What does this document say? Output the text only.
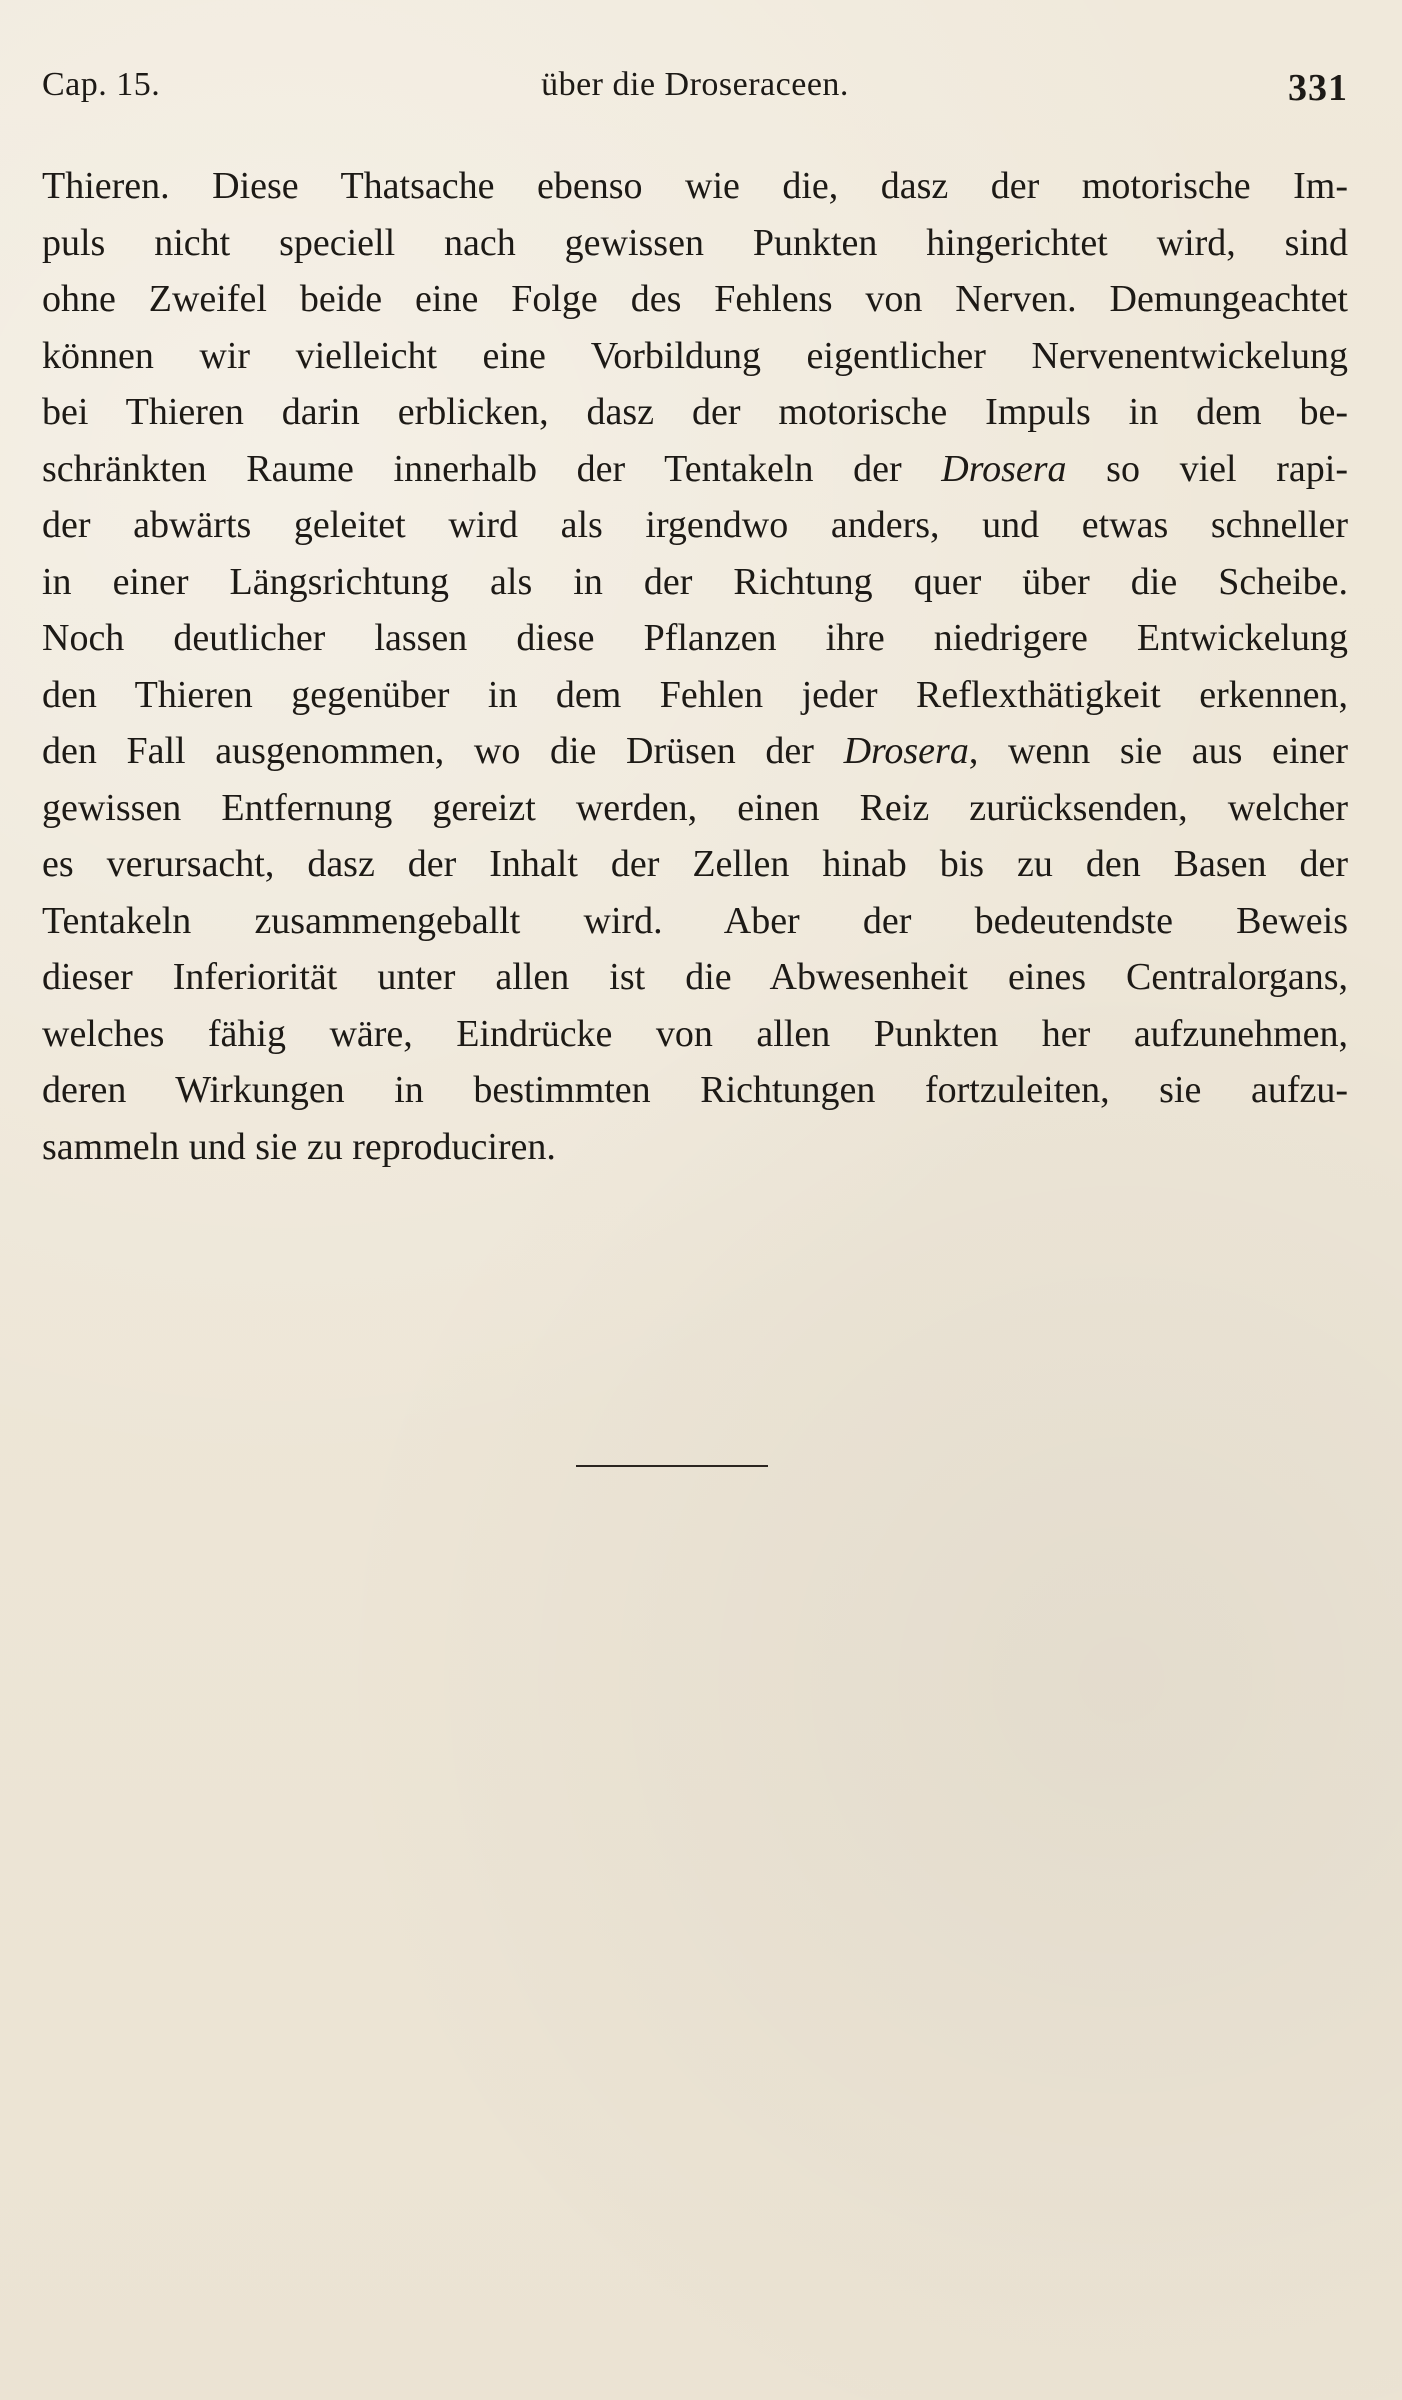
Cap. 15.	über die Droseraceen.	331
Thieren. Diese Thatsache ebenso wie die, dasz der motorische Im-
puls nicht speciell nach gewissen Punkten hingerichtet wird, sind
ohne Zweifel beide eine Folge des Fehlens von Nerven. Demungeachtet
können wir vielleicht eine Vorbildung eigentlicher Nervenentwickelung
bei Thieren darin erblicken, dasz der motorische Impuls in dem be-
schränkten Raume innerhalb der Tentakeln der Drosera so viel rapi-
der abwärts geleitet wird als irgendwo anders, und etwas schneller
in einer Längsrichtung als in der Richtung quer über die Scheibe.
Noch deutlicher lassen diese Pflanzen ihre niedrigere Entwickelung
den Thieren gegenüber in dem Fehlen jeder Reflexthätigkeit erkennen,
den Fall ausgenommen, wo die Drüsen der Drosera, wenn sie aus einer
gewissen Entfernung gereizt werden, einen Reiz zurücksenden, welcher
es verursacht, dasz der Inhalt der Zellen hinab bis zu den Basen der
Tentakeln zusammengeballt wird. Aber der bedeutendste Beweis
dieser Inferiorität unter allen ist die Abwesenheit eines Centralorgans,
welches fähig wäre, Eindrücke von allen Punkten her aufzunehmen,
deren Wirkungen in bestimmten Richtungen fortzuleiten, sie aufzu-
sammeln und sie zu reproduciren.
